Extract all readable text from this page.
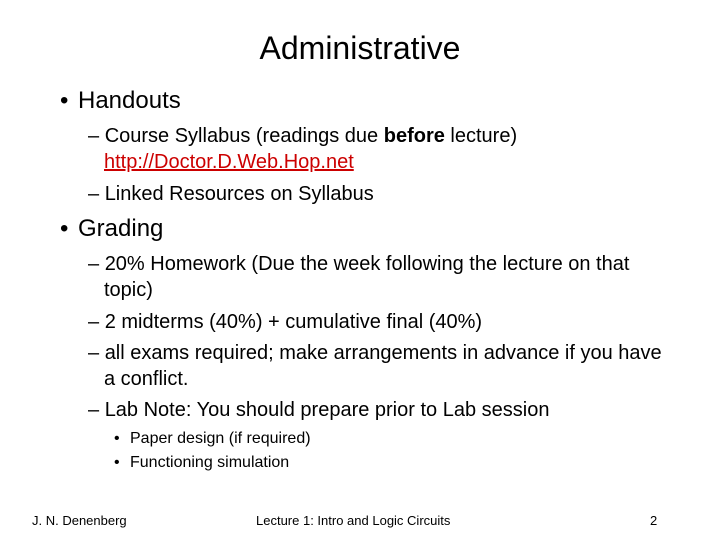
Administrative
• Handouts
– Course Syllabus (readings due before lecture)
http://Doctor.D.Web.Hop.net
– Linked Resources on Syllabus
• Grading
– 20% Homework (Due the week following the lecture on that topic)
– 2 midterms (40%) + cumulative final (40%)
– all exams required; make arrangements in advance if you have a conflict.
– Lab Note: You should prepare prior to Lab session
• Paper design (if required)
• Functioning simulation
J. N. Denenberg	Lecture 1: Intro and Logic Circuits	2
